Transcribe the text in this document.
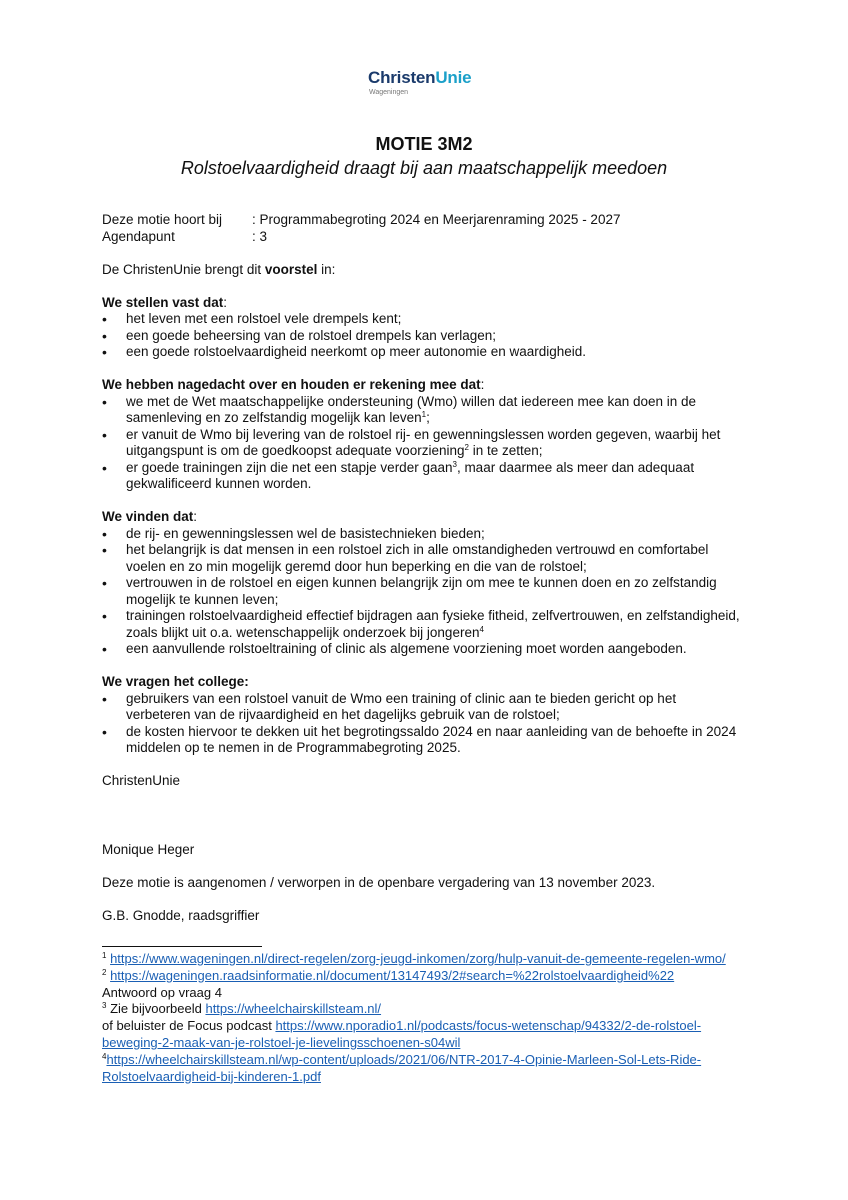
ChristenUnie
Wageningen
MOTIE 3M2
Rolstoelvaardigheid draagt bij aan maatschappelijk meedoen
Deze motie hoort bij	: Programmabegroting 2024 en Meerjarenraming 2025 - 2027
Agendapunt	: 3
De ChristenUnie brengt dit voorstel in:
We stellen vast dat:
• het leven met een rolstoel vele drempels kent;
• een goede beheersing van de rolstoel drempels kan verlagen;
• een goede rolstoelvaardigheid neerkomt op meer autonomie en waardigheid.
We hebben nagedacht over en houden er rekening mee dat:
• we met de Wet maatschappelijke ondersteuning (Wmo) willen dat iedereen mee kan doen in de samenleving en zo zelfstandig mogelijk kan leven$^1$;
• er vanuit de Wmo bij levering van de rolstoel rij- en gewenningslessen worden gegeven, waarbij het uitgangspunt is om de goedkoopst adequate voorziening$^2$ in te zetten;
• er goede trainingen zijn die net een stapje verder gaan$^3$, maar daarmee als meer dan adequaat gekwalificeerd kunnen worden.
We vinden dat:
• de rij- en gewenningslessen wel de basistechnieken bieden;
• het belangrijk is dat mensen in een rolstoel zich in alle omstandigheden vertrouwd en comfortabel voelen en zo min mogelijk geremd door hun beperking en die van de rolstoel;
• vertrouwen in de rolstoel en eigen kunnen belangrijk zijn om mee te kunnen doen en zo zelfstandig mogelijk te kunnen leven;
• trainingen rolstoelvaardigheid effectief bijdragen aan fysieke fitheid, zelfvertrouwen, en zelfstandigheid, zoals blijkt uit o.a. wetenschappelijk onderzoek bij jongeren$^4$
• een aanvullende rolstoeltraining of clinic als algemene voorziening moet worden aangeboden.
We vragen het college:
• gebruikers van een rolstoel vanuit de Wmo een training of clinic aan te bieden gericht op het verbeteren van de rijvaardigheid en het dagelijks gebruik van de rolstoel;
• de kosten hiervoor te dekken uit het begrotingssaldo 2024 en naar aanleiding van de behoefte in 2024 middelen op te nemen in de Programmabegroting 2025.
ChristenUnie
Monique Heger
Deze motie is aangenomen / verworpen in de openbare vergadering van 13 november 2023.
G.B. Gnodde, raadsgriffier
$^1$ https://www.wageningen.nl/direct-regelen/zorg-jeugd-inkomen/zorg/hulp-vanuit-de-gemeente-regelen-wmo/
$^2$ https://wageningen.raadsinformatie.nl/document/13147493/2#search=%22rolstoelvaardigheid%22
Antwoord op vraag 4
$^3$ Zie bijvoorbeeld https://wheelchairskillsteam.nl/
of beluister de Focus podcast https://www.nporadio1.nl/podcasts/focus-wetenschap/94332/2-de-rolstoel-beweging-2-maak-van-je-rolstoel-je-lievelingsschoenen-s04wil
$^4$https://wheelchairskillsteam.nl/wp-content/uploads/2021/06/NTR-2017-4-Opinie-Marleen-Sol-Lets-Ride-Rolstoelvaardigheid-bij-kinderen-1.pdf
